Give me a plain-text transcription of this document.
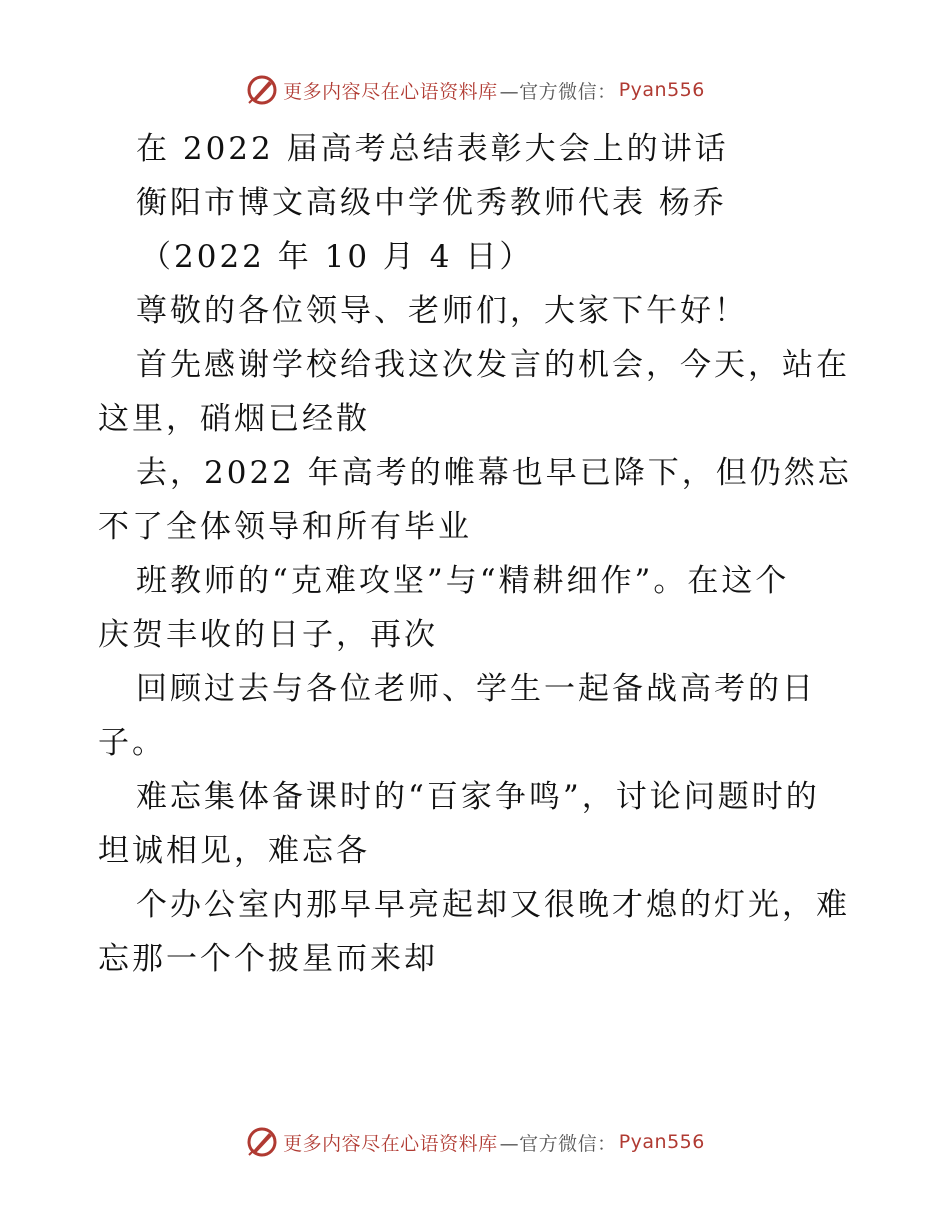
更多内容尽在心语资料库 —官方微信： Pyan556
在 2022 届高考总结表彰大会上的讲话
衡阳市博文高级中学优秀教师代表 杨乔
（2022 年 10 月 4 日）
尊敬的各位领导、老师们，大家下午好！
首先感谢学校给我这次发言的机会，今天，站在
这里，硝烟已经散
去，2022 年高考的帷幕也早已降下，但仍然忘
不了全体领导和所有毕业
班教师的“克难攻坚”与“精耕细作”。在这个
庆贺丰收的日子，再次
回顾过去与各位老师、学生一起备战高考的日
子。
难忘集体备课时的“百家争鸣”，讨论问题时的
坦诚相见，难忘各
个办公室内那早早亮起却又很晚才熄的灯光，难
忘那一个个披星而来却
更多内容尽在心语资料库 —官方微信： Pyan556
